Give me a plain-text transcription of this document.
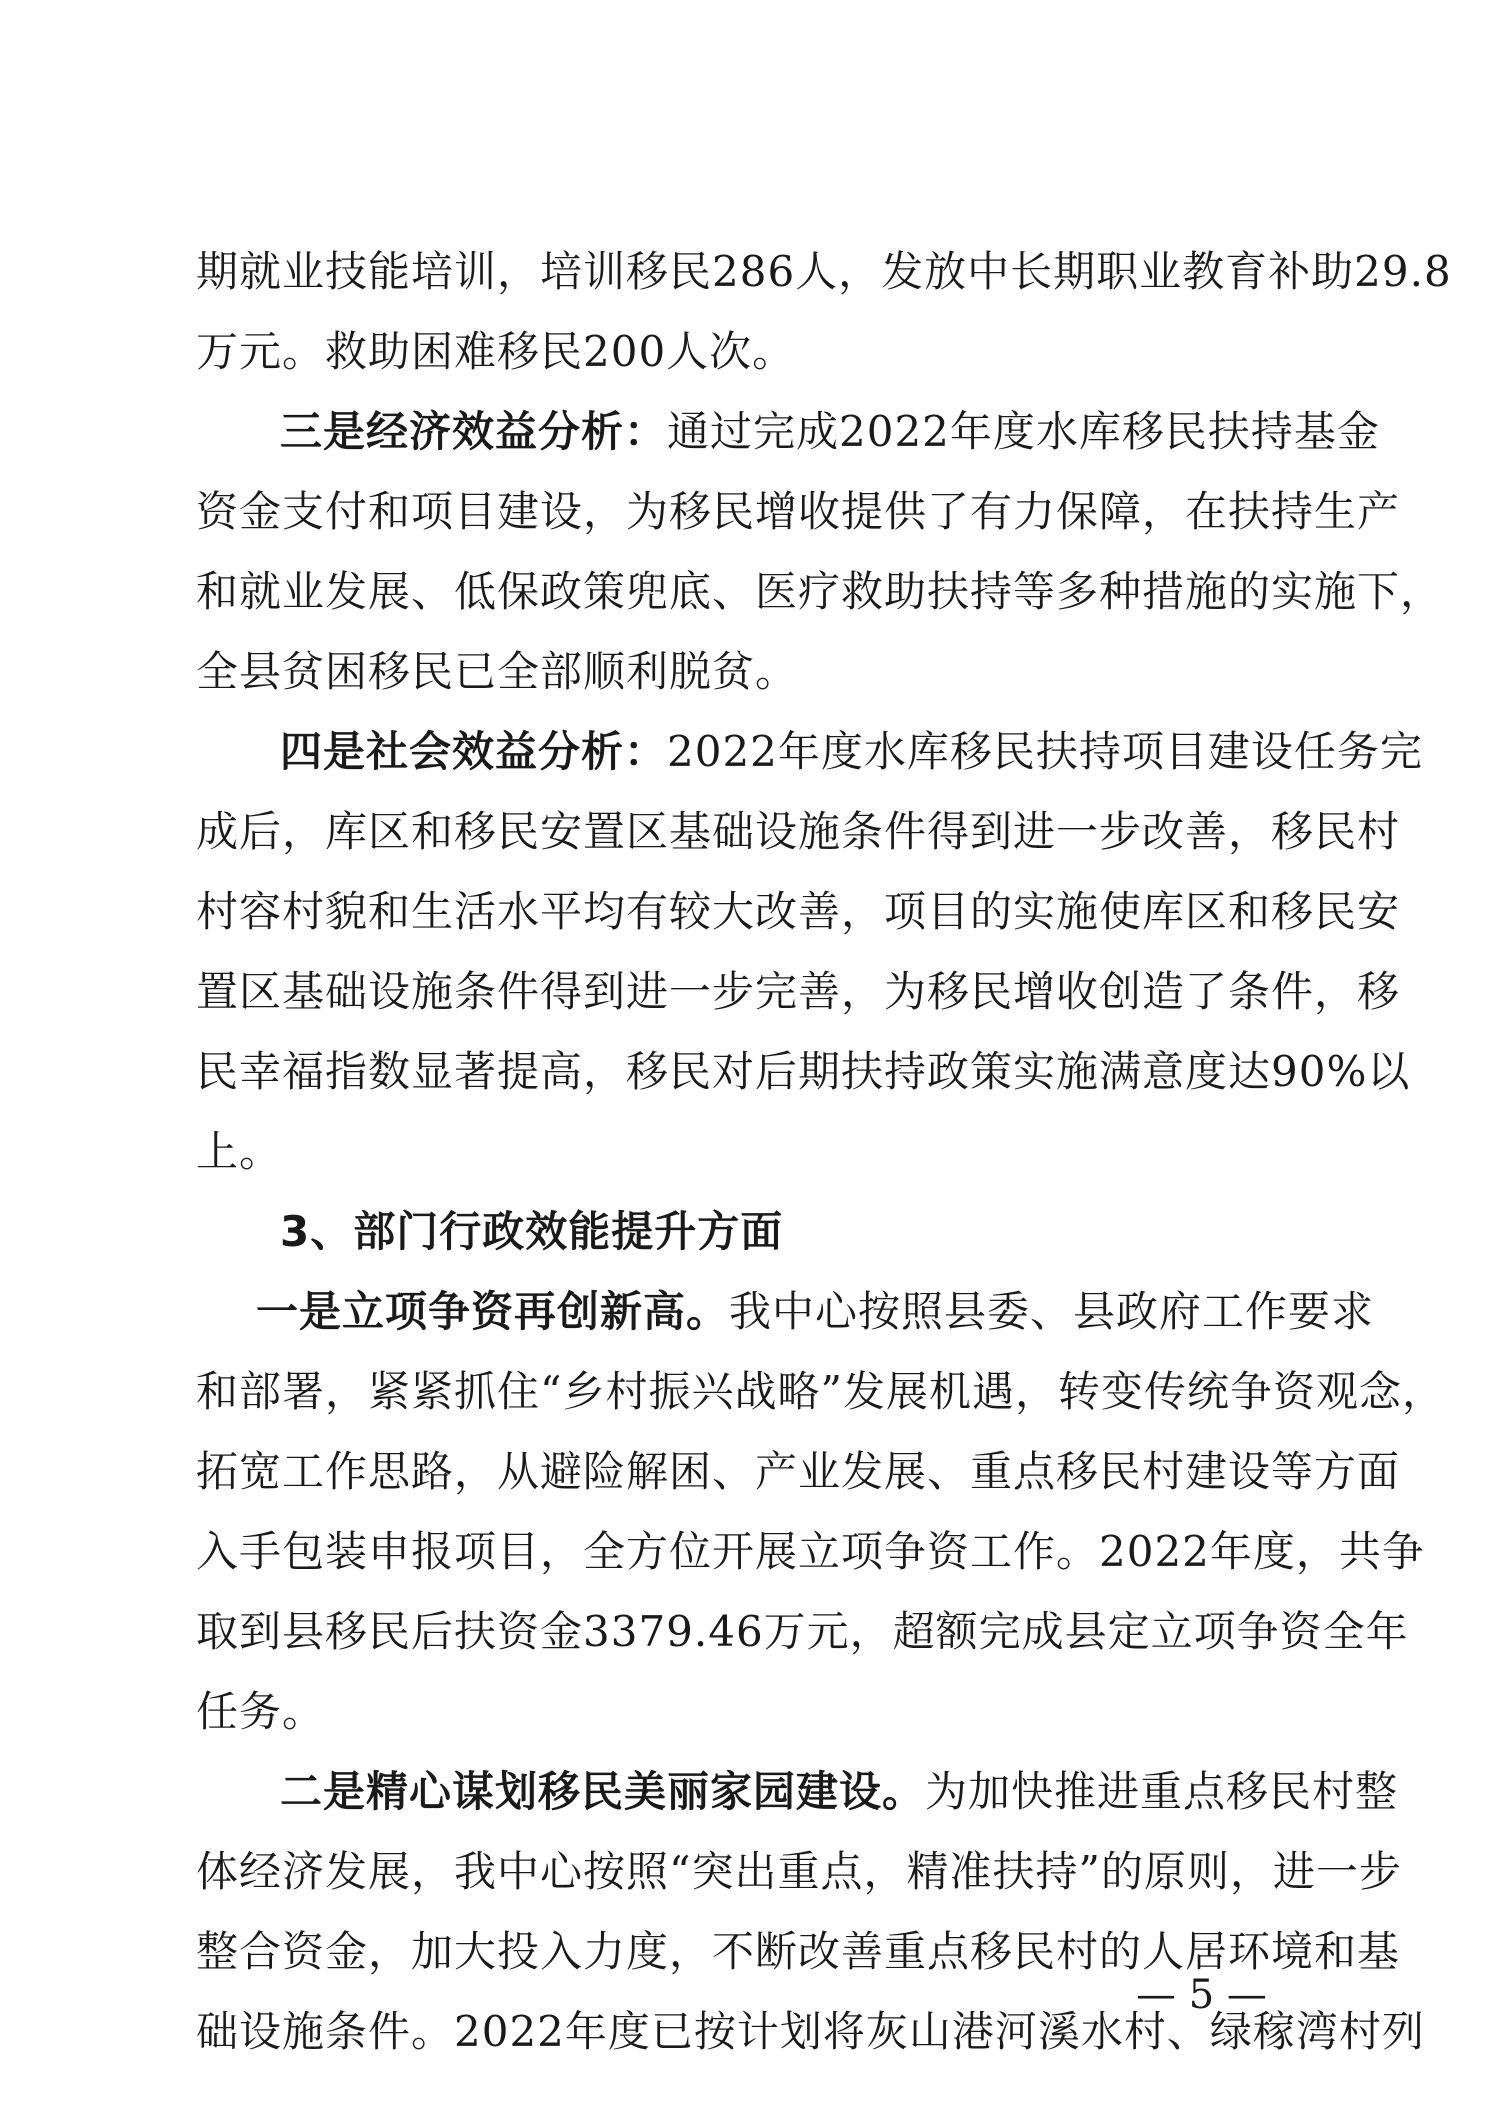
期就业技能培训，培训移民286人，发放中长期职业教育补助29.8
万元。救助困难移民200人次。
三是经济效益分析：通过完成2022年度水库移民扶持基金
资金支付和项目建设，为移民增收提供了有力保障，在扶持生产
和就业发展、低保政策兜底、医疗救助扶持等多种措施的实施下，
全县贫困移民已全部顺利脱贫。
四是社会效益分析：2022年度水库移民扶持项目建设任务完
成后，库区和移民安置区基础设施条件得到进一步改善，移民村
村容村貌和生活水平均有较大改善，项目的实施使库区和移民安
置区基础设施条件得到进一步完善，为移民增收创造了条件，移
民幸福指数显著提高，移民对后期扶持政策实施满意度达90%以
上。
3、部门行政效能提升方面
一是立项争资再创新高。我中心按照县委、县政府工作要求
和部署，紧紧抓住“乡村振兴战略”发展机遇，转变传统争资观念，
拓宽工作思路，从避险解困、产业发展、重点移民村建设等方面
入手包装申报项目，全方位开展立项争资工作。2022年度，共争
取到县移民后扶资金3379.46万元，超额完成县定立项争资全年
任务。
二是精心谋划移民美丽家园建设。为加快推进重点移民村整
体经济发展，我中心按照“突出重点，精准扶持”的原则，进一步
整合资金，加大投入力度，不断改善重点移民村的人居环境和基
础设施条件。2022年度已按计划将灰山港河溪水村、绿稼湾村列
— 5 —
